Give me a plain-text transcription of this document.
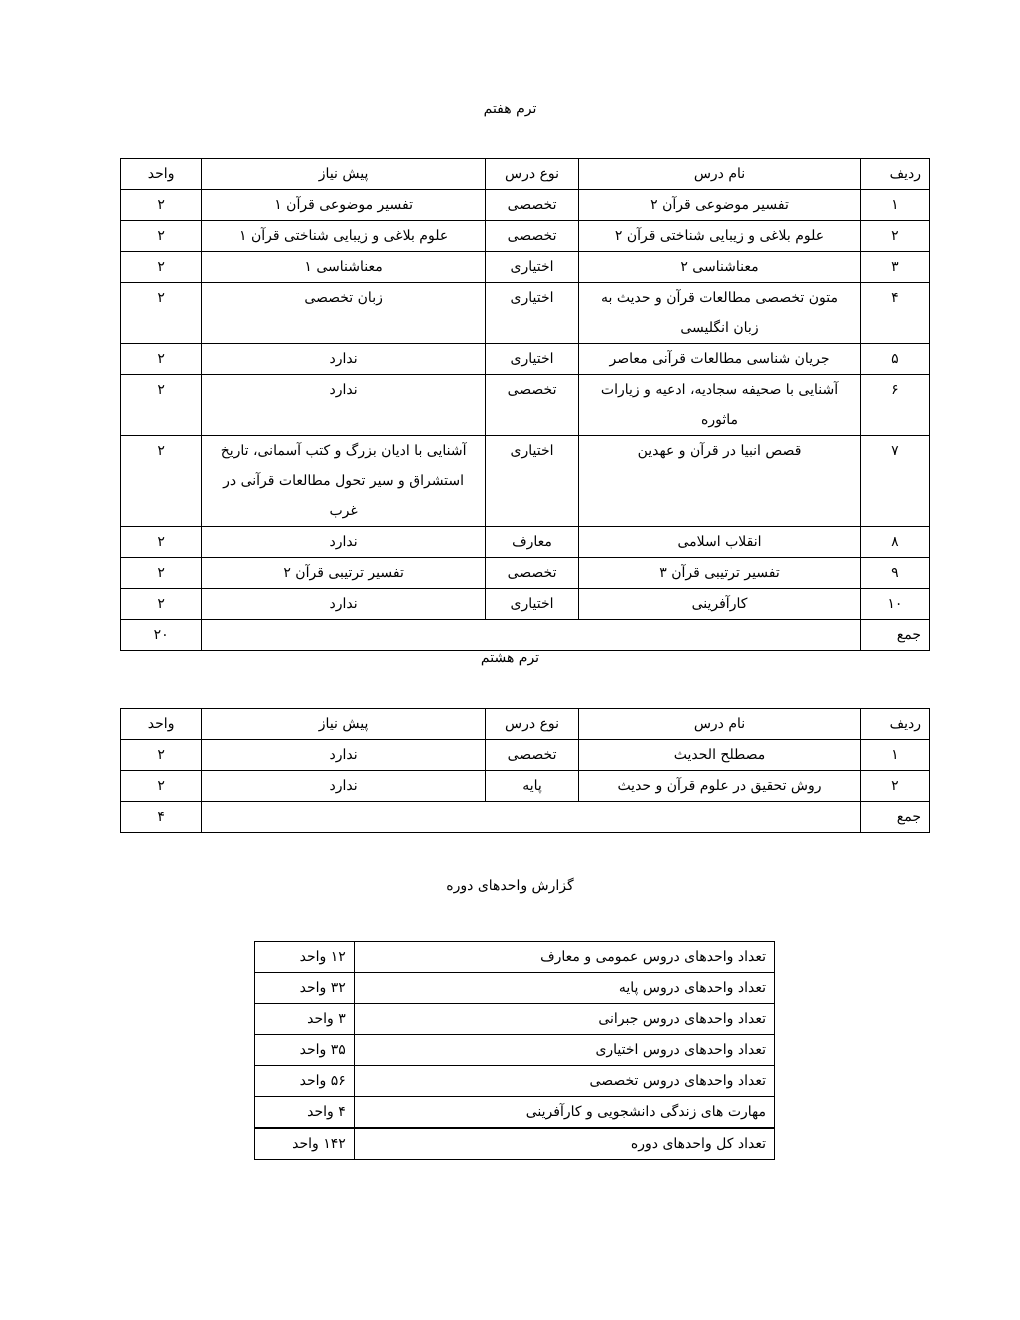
ترم هفتم
ردیف	نام درس	نوع درس	پیش نیاز	واحد
۱	تفسیر موضوعی قرآن ۲	تخصصی	تفسیر موضوعی قرآن ۱	۲
۲	علوم بلاغی و زیبایی شناختی قرآن ۲	تخصصی	علوم بلاغی و زیبایی شناختی قرآن ۱	۲
۳	معناشناسی ۲	اختیاری	معناشناسی ۱	۲
۴	متون تخصصی مطالعات قرآن و حدیث به زبان انگلیسی	اختیاری	زبان تخصصی	۲
۵	جریان شناسی مطالعات قرآنی معاصر	اختیاری	ندارد	۲
۶	آشنایی با صحیفه سجادیه، ادعیه و زیارات ماثوره	تخصصی	ندارد	۲
۷	قصص انبیا در قرآن و عهدین	اختیاری	آشنایی با ادیان بزرگ و کتب آسمانی، تاریخ استشراق و سیر تحول مطالعات قرآنی در غرب	۲
۸	انقلاب اسلامی	معارف	ندارد	۲
۹	تفسیر ترتیبی قرآن ۳	تخصصی	تفسیر ترتیبی قرآن ۲	۲
۱۰	کارآفرینی	اختیاری	ندارد	۲
جمع				۲۰
ترم هشتم
ردیف	نام درس	نوع درس	پیش نیاز	واحد
۱	مصطلح الحدیث	تخصصی	ندارد	۲
۲	روش تحقیق در علوم قرآن و حدیث	پایه	ندارد	۲
جمع				۴
گزارش واحدهای دوره
تعداد واحدهای دروس عمومی و معارف	۱۲ واحد
تعداد واحدهای دروس پایه	۳۲ واحد
تعداد واحدهای دروس جبرانی	۳ واحد
تعداد واحدهای دروس اختیاری	۳۵ واحد
تعداد واحدهای دروس تخصصی	۵۶ واحد
مهارت های زندگی دانشجویی و کارآفرینی	۴ واحد
تعداد کل واحدهای دوره	۱۴۲ واحد
